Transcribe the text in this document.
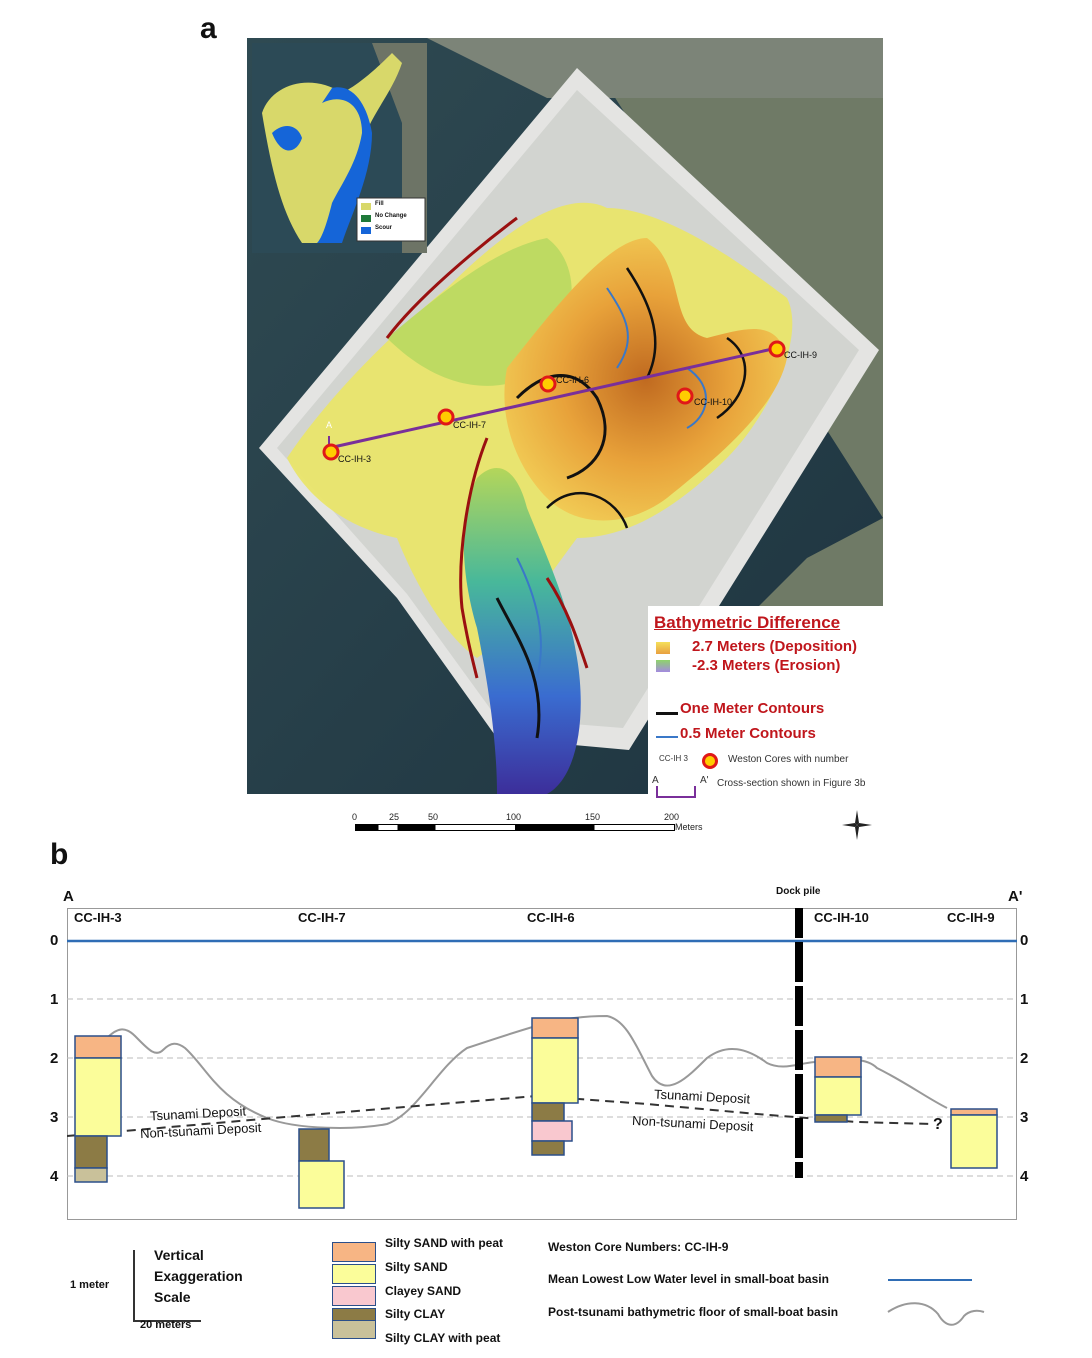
a
CC-IH-3
CC-IH-7
CC-IH-6
CC-IH-10
CC-IH-9
A
Fill
No Change
Scour
Bathymetric Difference
2.7 Meters (Deposition)
-2.3 Meters (Erosion)
One Meter Contours
0.5 Meter Contours
CC-IH 3	Weston Cores with number
A	A' Cross-section shown in Figure 3b
0	25	50	100	150	200
Meters
b
A	A'
Dock pile
CC-IH-3	CC-IH-7	CC-IH-6	CC-IH-10	CC-IH-9
0
1
2
3
4
0
1
2
3
4
Tsunami Deposit
Non-tsunami Deposit
Tsunami Deposit
Non-tsunami Deposit	?
Vertical
Exaggeration
Scale
1 meter
20 meters
Silty SAND with peat
Silty SAND
Clayey SAND
Silty CLAY
Silty CLAY with peat
Weston Core Numbers: CC-IH-9
Mean Lowest Low Water level in small-boat basin
Post-tsunami bathymetric floor of small-boat basin
